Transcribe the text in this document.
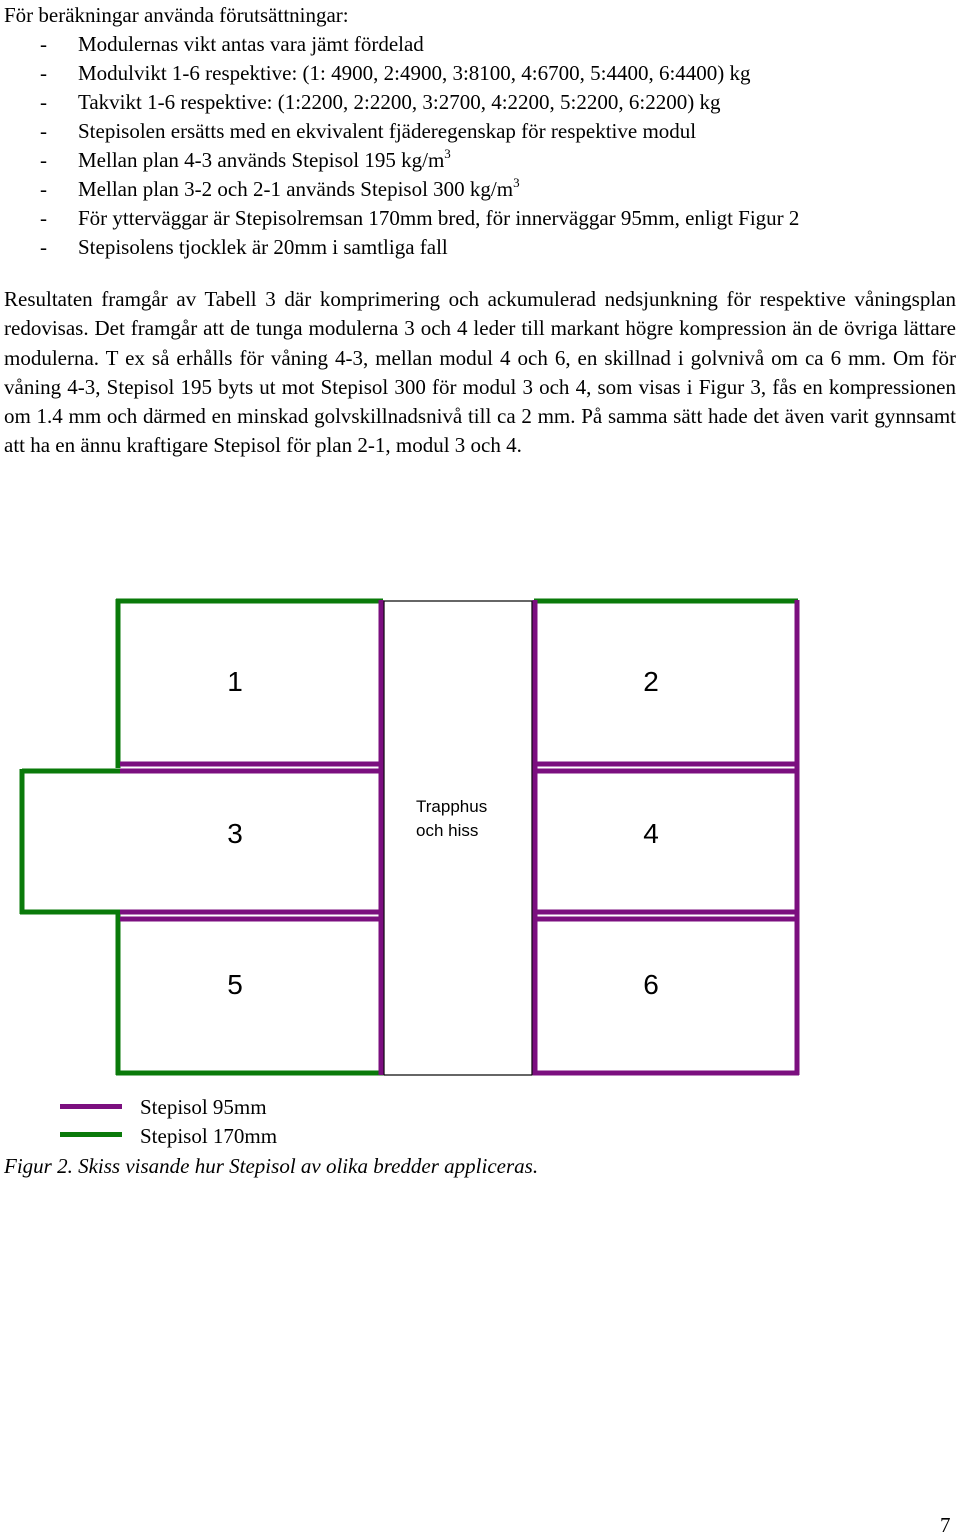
För beräkningar använda förutsättningar:
- Modulernas vikt antas vara jämt fördelad
- Modulvikt 1-6 respektive: (1: 4900, 2:4900, 3:8100, 4:6700, 5:4400, 6:4400) kg
- Takvikt 1-6 respektive: (1:2200, 2:2200, 3:2700, 4:2200, 5:2200, 6:2200) kg
- Stepisolen ersätts med en ekvivalent fjäderegenskap för respektive modul
- Mellan plan 4-3 används Stepisol 195 $kg/m^3$
- Mellan plan 3-2 och 2-1 används Stepisol 300 $kg/m^3$
- För ytterväggar är Stepisolremsan 170mm bred, för innerväggar 95mm, enligt Figur 2
- Stepisolens tjocklek är 20mm i samtliga fall

Resultaten framgår av Tabell 3 där komprimering och ackumulerad nedsjunkning för respektive våningsplan redovisas. Det framgår att de tunga modulerna 3 och 4 leder till markant högre kompression än de övriga lättare modulerna. T ex så erhålls för våning 4-3, mellan modul 4 och 6, en skillnad i golvnivå om ca 6 mm. Om för våning 4-3, Stepisol 195 byts ut mot Stepisol 300 för modul 3 och 4, som visas i Figur 3, fås en kompressionen om 1.4 mm och därmed en minskad golvskillnadsnivå till ca 2 mm. På samma sätt hade det även varit gynnsamt att ha en ännu kraftigare Stepisol för plan 2-1, modul 3 och 4.

1	2
3	4
5	6
Trapphus
och hiss
Stepisol 95mm
Stepisol 170mm
Figur 2. Skiss visande hur Stepisol av olika bredder appliceras.
7
